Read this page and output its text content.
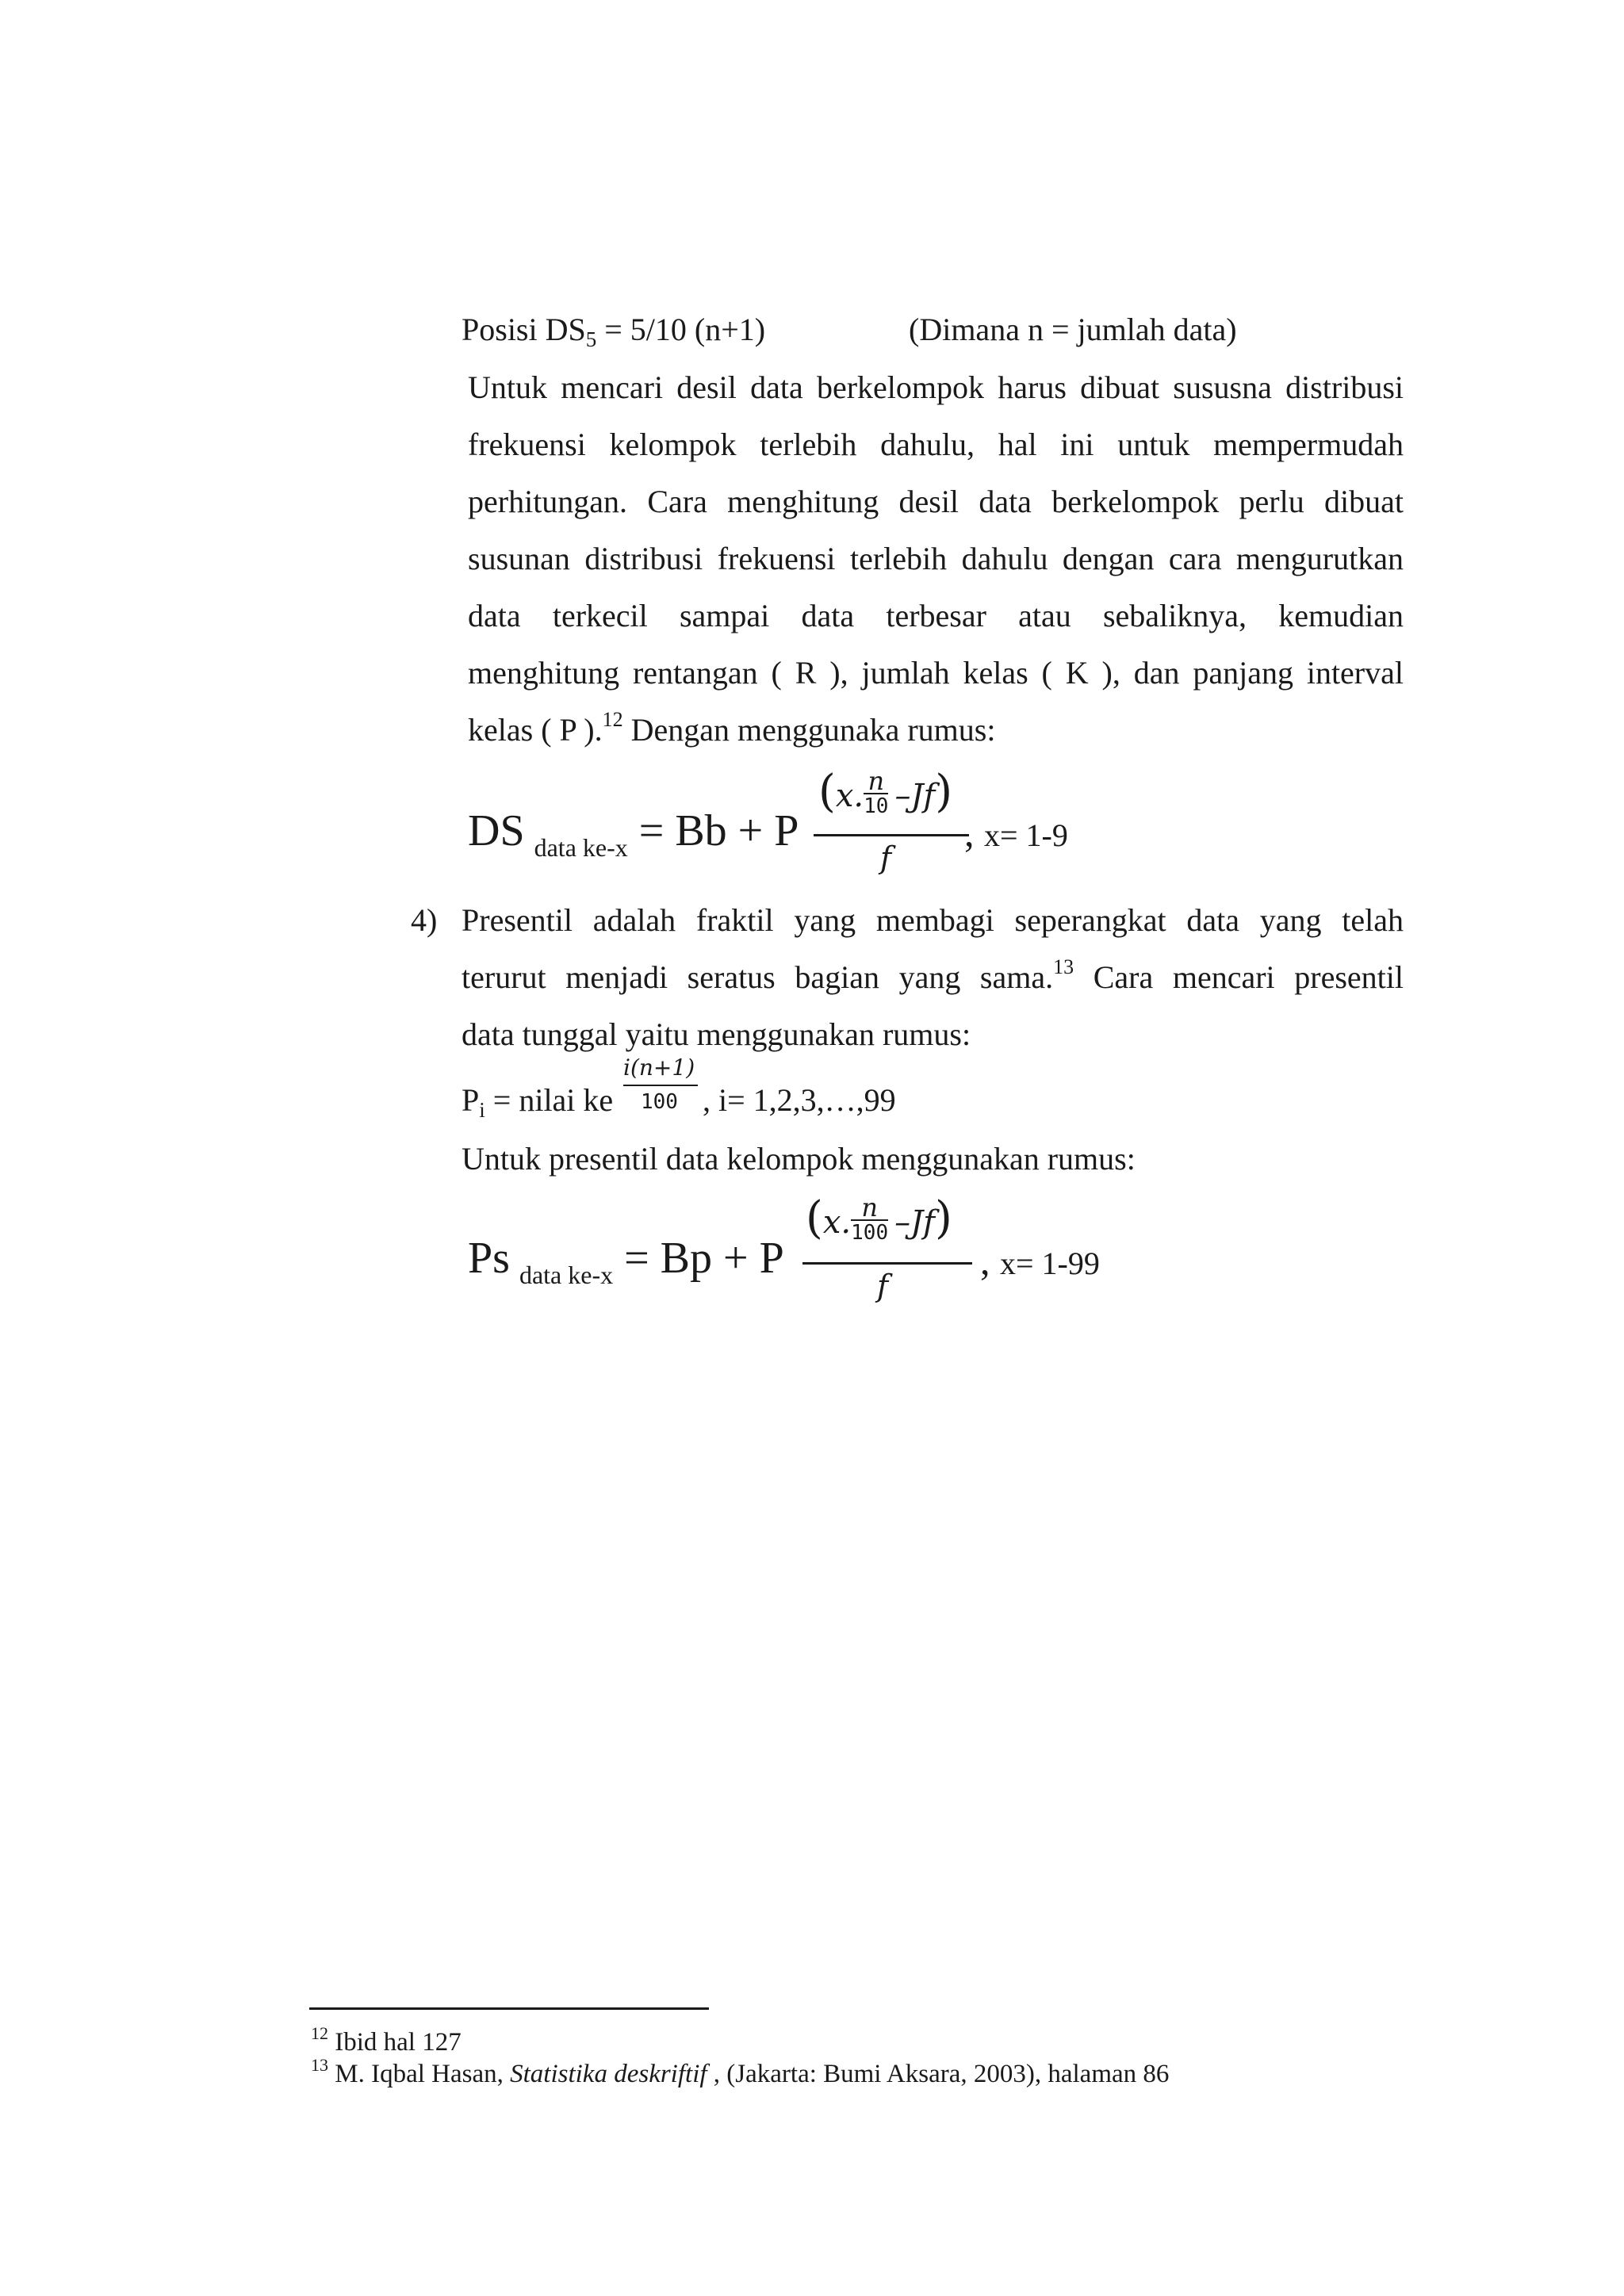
Posisi $DS_5 = 5/10$ (n+1)	(Dimana n = jumlah data)
Untuk mencari desil data berkelompok harus dibuat sususna distribusi
frekuensi kelompok terlebih dahulu, hal ini untuk mempermudah
perhitungan. Cara menghitung desil data berkelompok perlu dibuat
susunan distribusi frekuensi terlebih dahulu dengan cara mengurutkan
data terkecil sampai data terbesar atau sebaliknya, kemudian
menghitung rentangan ( R ), jumlah kelas ( K ), dan panjang interval
kelas ( P ).$^{12}$ Dengan menggunaka rumus:
DS $_{data ke-x}$ = Bb + P
(x. n
10 –Jf)
f
, x= 1-9
4) Presentil adalah fraktil yang membagi seperangkat data yang telah
terurut menjadi seratus bagian yang sama.$^{13}$ Cara mencari presentil
data tunggal yaitu menggunakan rumus:
$P_i$ = nilai ke
i(n+1)
100 , i= 1,2,3,…,99
Untuk presentil data kelompok menggunakan rumus:
Ps $_{data ke-x}$ = Bp + P
(x. n
100 –Jf)
f
, x= 1-99
$^{12}$ Ibid hal 127
$^{13}$ M. Iqbal Hasan, Statistika deskriftif , (Jakarta: Bumi Aksara, 2003), halaman 86
